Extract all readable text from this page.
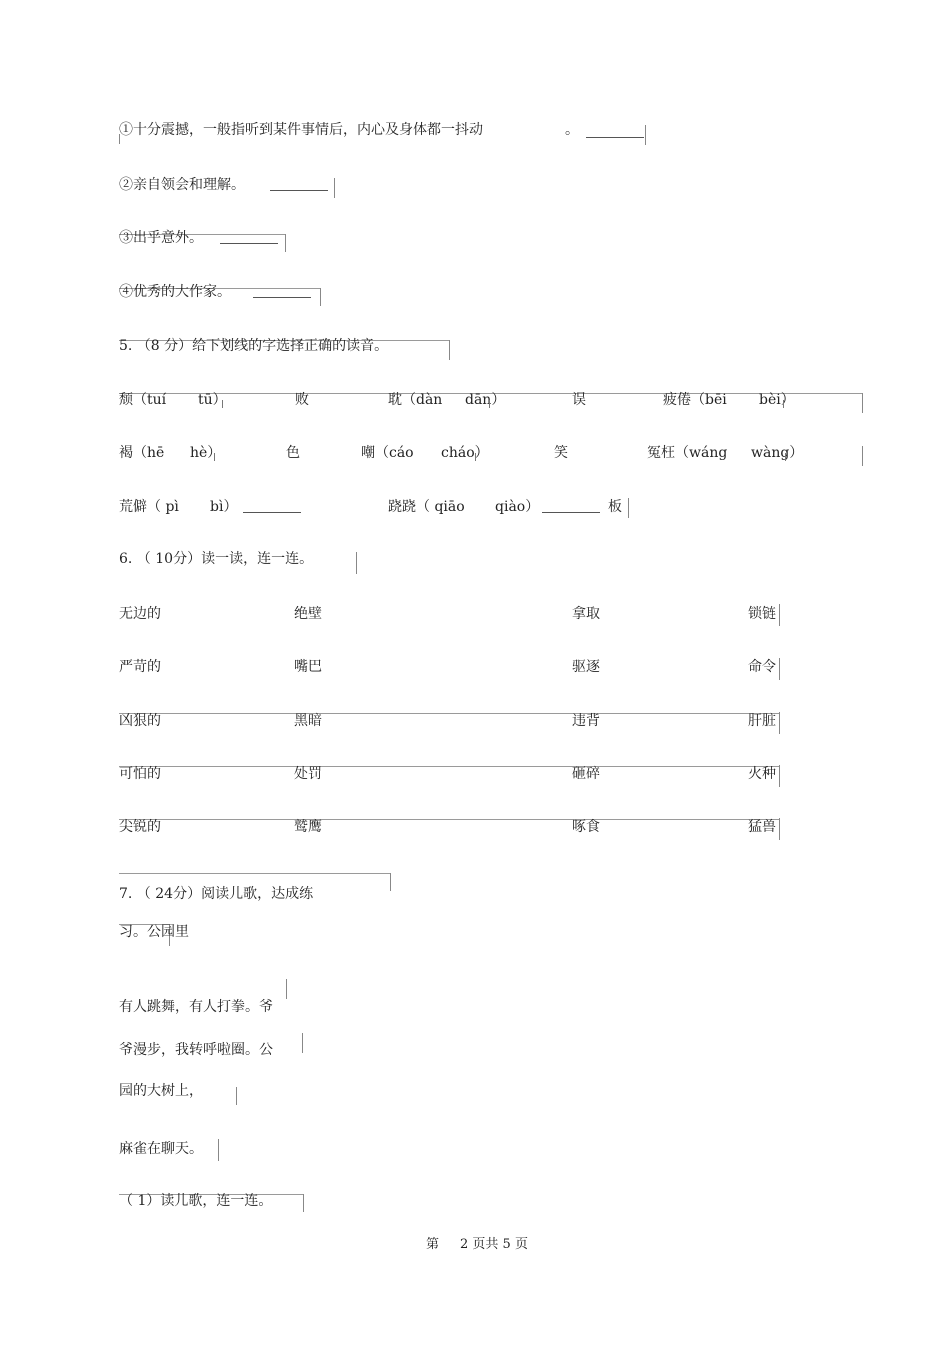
①十分震撼，一般指听到某件事情后，内心及身体都一抖动	。
②亲自领会和理解。
③出乎意外。
④优秀的大作家。
5. （8 分）给下划线的字选择正确的读音。
颓（tuí tū）	败	耽（dàn dān）	误	疲倦（bēi bèi）
褐（hē hè）	色	嘲（cáo cháo）	笑	冤枉（wáng wàng）
荒僻（ pì bì）	跷跷（ qiāo qiào）	板
6. （ 10分）读一读，连一连。
无边的	绝壁	拿取	锁链
严苛的	嘴巴	驱逐	命令
凶狠的	黑暗	违背	肝脏
可怕的	处罚	砸碎	火种
尖锐的	鹫鹰	啄食	猛兽
7. （ 24分）阅读儿歌，达成练
习。公园里
有人跳舞，有人打拳。爷
爷漫步，我转呼啦圈。公
园的大树上，
麻雀在聊天。
（ 1）读儿歌，连一连。
第 2 页共 5 页
